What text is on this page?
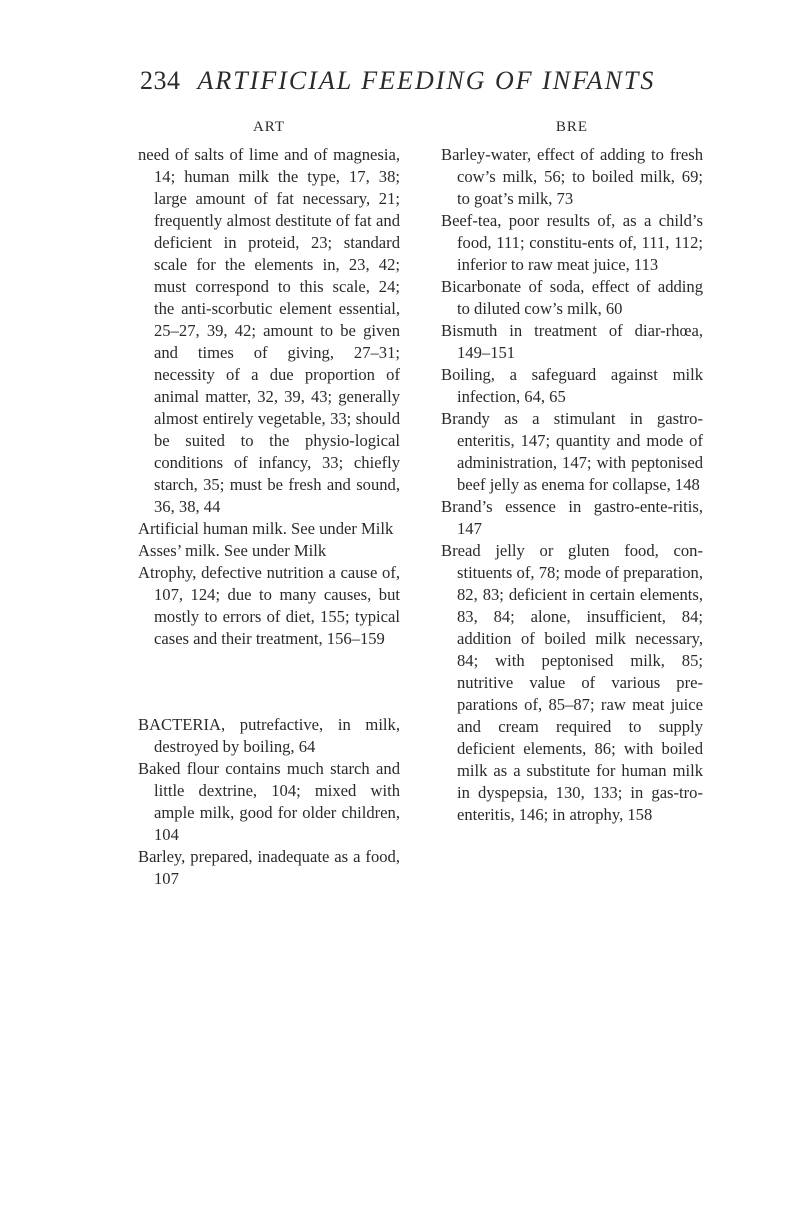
234 ARTIFICIAL FEEDING OF INFANTS
ART

need of salts of lime and of magnesia, 14; human milk the type, 17, 38; large amount of fat necessary, 21; frequently almost destitute of fat and deficient in proteid, 23; standard scale for the elements in, 23, 42; must correspond to this scale, 24; the anti-scorbutic element essential, 25–27, 39, 42; amount to be given and times of giving, 27–31; necessity of a due proportion of animal matter, 32, 39, 43; generally almost entirely vegetable, 33; should be suited to the physio-logical conditions of infancy, 33; chiefly starch, 35; must be fresh and sound, 36, 38, 44

Artificial human milk. See under Milk

Asses’ milk. See under Milk

Atrophy, defective nutrition a cause of, 107, 124; due to many causes, but mostly to errors of diet, 155; typical cases and their treatment, 156–159

BACTERIA, putrefactive, in milk, destroyed by boiling, 64

Baked flour contains much starch and little dextrine, 104; mixed with ample milk, good for older children, 104

Barley, prepared, inadequate as a food, 107

BRE

Barley-water, effect of adding to fresh cow’s milk, 56; to boiled milk, 69; to goat’s milk, 73

Beef-tea, poor results of, as a child’s food, 111; constitu-ents of, 111, 112; inferior to raw meat juice, 113

Bicarbonate of soda, effect of adding to diluted cow’s milk, 60

Bismuth in treatment of diar-rhœa, 149–151

Boiling, a safeguard against milk infection, 64, 65

Brandy as a stimulant in gastro-enteritis, 147; quantity and mode of administration, 147; with peptonised beef jelly as enema for collapse, 148

Brand’s essence in gastro-ente-ritis, 147

Bread jelly or gluten food, con-stituents of, 78; mode of preparation, 82, 83; deficient in certain elements, 83, 84; alone, insufficient, 84; addition of boiled milk necessary, 84; with peptonised milk, 85; nutritive value of various pre-parations of, 85–87; raw meat juice and cream required to supply deficient elements, 86; with boiled milk as a substitute for human milk in dyspepsia, 130, 133; in gas-tro-enteritis, 146; in atrophy, 158
